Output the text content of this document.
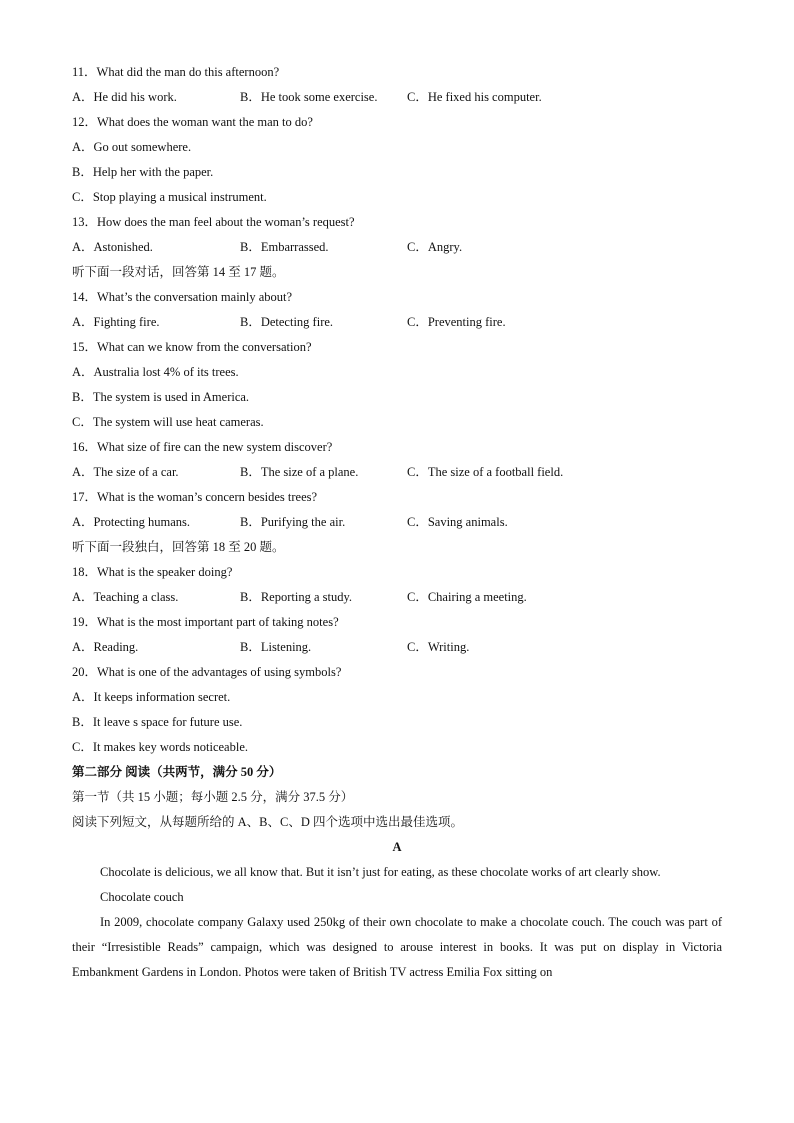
11．What did the man do this afternoon?
A．He did his work.	B．He took some exercise.	C．He fixed his computer.
12．What does the woman want the man to do?
A．Go out somewhere.
B．Help her with the paper.
C．Stop playing a musical instrument.
13．How does the man feel about the woman’s request?
A．Astonished.	B．Embarrassed.	C．Angry.
听下面一段对话，回答第 14 至 17 题。
14．What’s the conversation mainly about?
A．Fighting fire.	B．Detecting fire.	C．Preventing fire.
15．What can we know from the conversation?
A．Australia lost 4% of its trees.
B．The system is used in America.
C．The system will use heat cameras.
16．What size of fire can the new system discover?
A．The size of a car.	B．The size of a plane.	C．The size of a football field.
17．What is the woman’s concern besides trees?
A．Protecting humans.	B．Purifying the air.	C．Saving animals.
听下面一段独白，回答第 18 至 20 题。
18．What is the speaker doing?
A．Teaching a class.	B．Reporting a study.	C．Chairing a meeting.
19．What is the most important part of taking notes?
A．Reading.	B．Listening.	C．Writing.
20．What is one of the advantages of using symbols?
A．It keeps information secret.
B．It leave s space for future use.
C．It makes key words noticeable.
第二部分 阅读（共两节，满分 50 分）
第一节（共 15 小题；每小题 2.5 分，满分 37.5 分）
阅读下列短文，从每题所给的 A、B、C、D 四个选项中选出最佳选项。
A
Chocolate is delicious, we all know that. But it isn’t just for eating, as these chocolate works of art clearly show.
Chocolate couch
In 2009, chocolate company Galaxy used 250kg of their own chocolate to make a chocolate couch. The couch was part of their “Irresistible Reads” campaign, which was designed to arouse interest in books. It was put on display in Victoria Embankment Gardens in London. Photos were taken of British TV actress Emilia Fox sitting on
